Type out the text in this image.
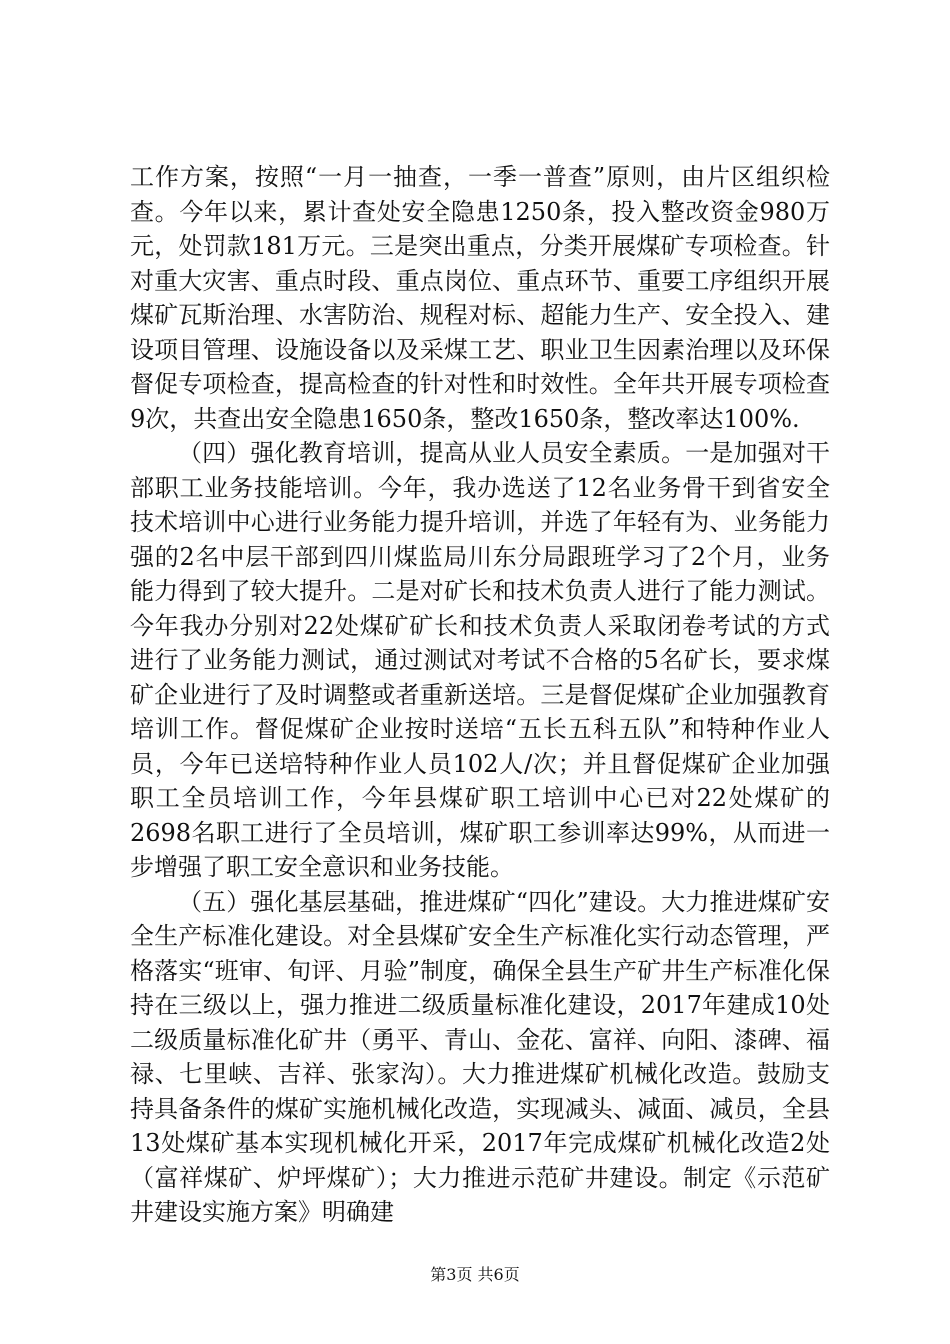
工作方案，按照“一月一抽查，一季一普查”原则，由片区组织检查。今年以来，累计查处安全隐患1250条，投入整改资金980万元，处罚款181万元。三是突出重点，分类开展煤矿专项检查。针对重大灾害、重点时段、重点岗位、重点环节、重要工序组织开展煤矿瓦斯治理、水害防治、规程对标、超能力生产、安全投入、建设项目管理、设施设备以及采煤工艺、职业卫生因素治理以及环保督促专项检查，提高检查的针对性和时效性。全年共开展专项检查9次，共查出安全隐患1650条，整改1650条，整改率达100%.

（四）强化教育培训，提高从业人员安全素质。一是加强对干部职工业务技能培训。今年，我办选送了12名业务骨干到省安全技术培训中心进行业务能力提升培训，并选了年轻有为、业务能力强的2名中层干部到四川煤监局川东分局跟班学习了2个月，业务能力得到了较大提升。二是对矿长和技术负责人进行了能力测试。今年我办分别对22处煤矿矿长和技术负责人采取闭卷考试的方式进行了业务能力测试，通过测试对考试不合格的5名矿长，要求煤矿企业进行了及时调整或者重新送培。三是督促煤矿企业加强教育培训工作。督促煤矿企业按时送培“五长五科五队”和特种作业人员，今年已送培特种作业人员102人/次；并且督促煤矿企业加强职工全员培训工作，今年县煤矿职工培训中心已对22处煤矿的2698名职工进行了全员培训，煤矿职工参训率达99%，从而进一步增强了职工安全意识和业务技能。

（五）强化基层基础，推进煤矿“四化”建设。大力推进煤矿安全生产标准化建设。对全县煤矿安全生产标准化实行动态管理，严格落实“班审、旬评、月验”制度，确保全县生产矿井生产标准化保持在三级以上，强力推进二级质量标准化建设，2017年建成10处二级质量标准化矿井（勇平、青山、金花、富祥、向阳、漆碑、福禄、七里峡、吉祥、张家沟）。大力推进煤矿机械化改造。鼓励支持具备条件的煤矿实施机械化改造，实现减头、减面、减员，全县13处煤矿基本实现机械化开采，2017年完成煤矿机械化改造2处（富祥煤矿、炉坪煤矿）；大力推进示范矿井建设。制定《示范矿井建设实施方案》明确建

第3页 共6页
